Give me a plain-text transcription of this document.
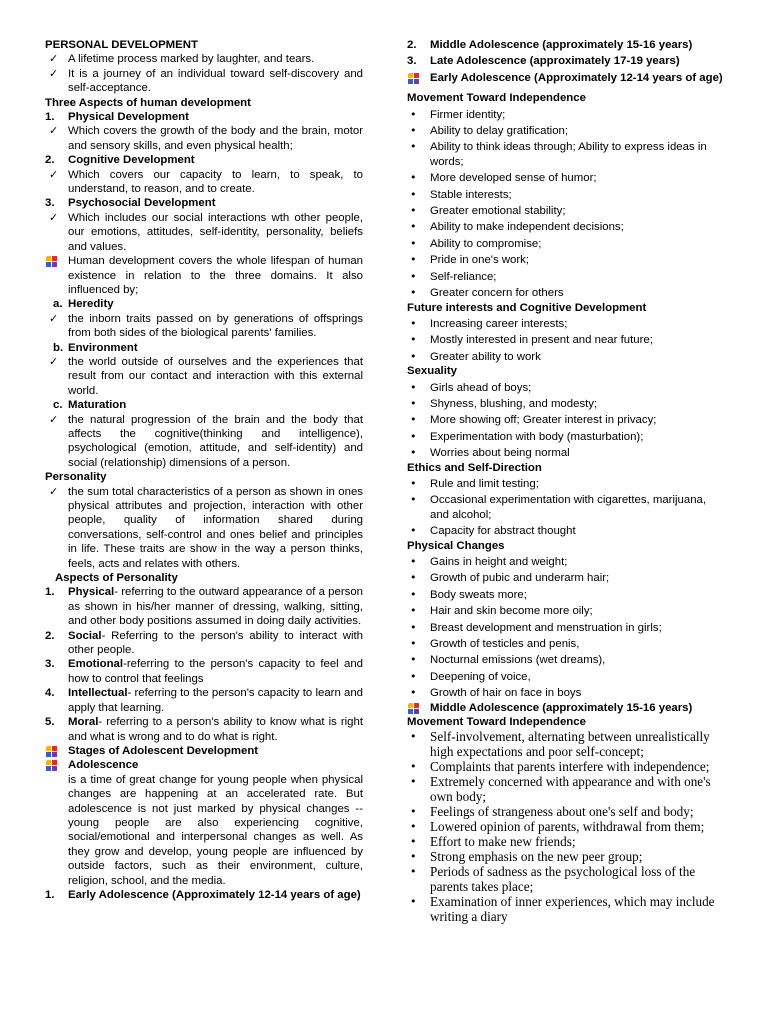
PERSONAL DEVELOPMENT
✓ A lifetime process marked by laughter, and tears.
✓ It is a journey of an individual toward self-discovery and self-acceptance.
Three Aspects of human development
1. Physical Development
✓ Which covers the growth of the body and the brain, motor and sensory skills, and even physical health;
2. Cognitive Development
✓ Which covers our capacity to learn, to speak, to understand, to reason, and to create.
3. Psychosocial Development
✓ Which includes our social interactions wth other people, our emotions, attitudes, self-identity, personality, beliefs and values.
Human development covers the whole lifespan of human existence in relation to the three domains. It also influenced by;
a. Heredity
✓ the inborn traits passed on by generations of offsprings from both sides of the biological parents' families.
b. Environment
✓ the world outside of ourselves and the experiences that result from our contact and interaction with this external world.
c. Maturation
✓ the natural progression of the brain and the body that affects the cognitive(thinking and intelligence), psychological (emotion, attitude, and self-identity) and social (relationship) dimensions of a person.
Personality
✓ the sum total characteristics of a person as shown in ones physical attributes and projection, interaction with other people, quality of information shared during conversations, self-control and ones belief and principles in life. These traits are show in the way a person thinks, feels, acts and relates with others.
Aspects of Personality
1. Physical- referring to the outward appearance of a person as shown in his/her manner of dressing, walking, sitting, and other body positions assumed in doing daily activities.
2. Social- Referring to the person's ability to interact with other people.
3. Emotional-referring to the person's capacity to feel and how to control that feelings
4. Intellectual- referring to the person's capacity to learn and apply that learning.
5. Moral- referring to a person's ability to know what is right and what is wrong and to do what is right.
Stages of Adolescent Development
Adolescence
is a time of great change for young people when physical changes are happening at an accelerated rate. But adolescence is not just marked by physical changes -- young people are also experiencing cognitive, social/emotional and interpersonal changes as well. As they grow and develop, young people are influenced by outside factors, such as their environment, culture, religion, school, and the media.
1. Early Adolescence (Approximately 12-14 years of age)
2. Middle Adolescence (approximately 15-16 years)
3. Late Adolescence (approximately 17-19 years)
Early Adolescence (Approximately 12-14 years of age)
Movement Toward Independence
• Firmer identity;
• Ability to delay gratification;
• Ability to think ideas through; Ability to express ideas in words;
• More developed sense of humor;
• Stable interests;
• Greater emotional stability;
• Ability to make independent decisions;
• Ability to compromise;
• Pride in one's work;
• Self-reliance;
• Greater concern for others
Future interests and Cognitive Development
• Increasing career interests;
• Mostly interested in present and near future;
• Greater ability to work
Sexuality
• Girls ahead of boys;
• Shyness, blushing, and modesty;
• More showing off; Greater interest in privacy;
• Experimentation with body (masturbation);
• Worries about being normal
Ethics and Self-Direction
• Rule and limit testing;
• Occasional experimentation with cigarettes, marijuana, and alcohol;
• Capacity for abstract thought
Physical Changes
• Gains in height and weight;
• Growth of pubic and underarm hair;
• Body sweats more;
• Hair and skin become more oily;
• Breast development and menstruation in girls;
• Growth of testicles and penis,
• Nocturnal emissions (wet dreams),
• Deepening of voice,
• Growth of hair on face in boys
Middle Adolescence (approximately 15-16 years)
Movement Toward Independence
• Self-involvement, alternating between unrealistically high expectations and poor self-concept;
• Complaints that parents interfere with independence;
• Extremely concerned with appearance and with one's own body;
• Feelings of strangeness about one's self and body;
• Lowered opinion of parents, withdrawal from them;
• Effort to make new friends;
• Strong emphasis on the new peer group;
• Periods of sadness as the psychological loss of the parents takes place;
• Examination of inner experiences, which may include writing a diary
